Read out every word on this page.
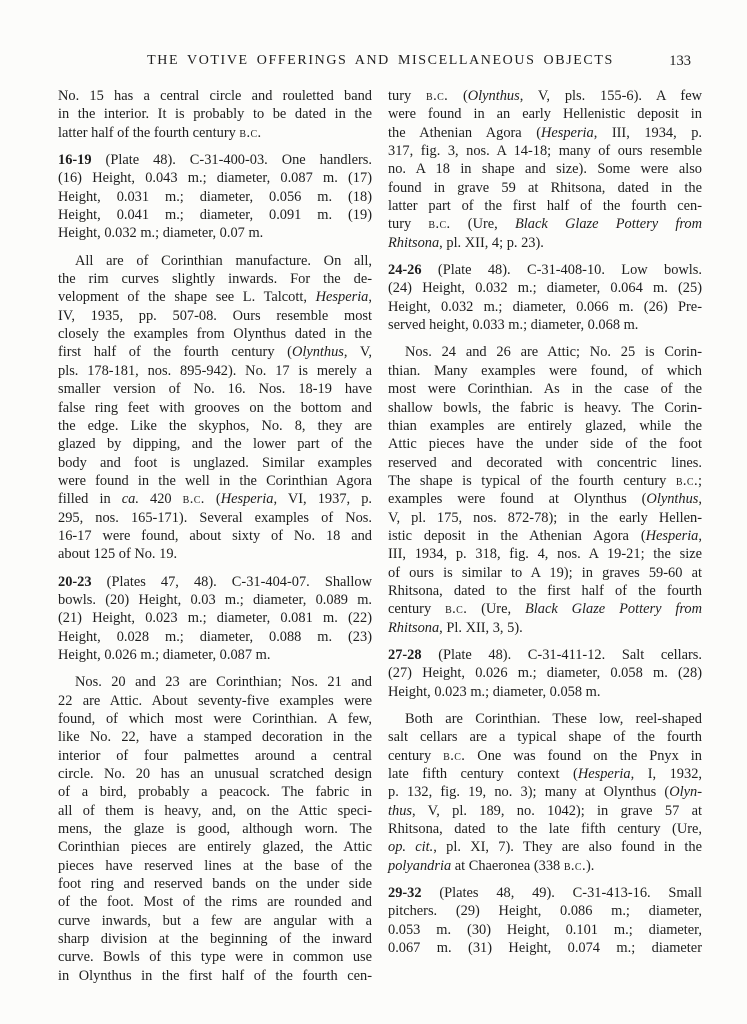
THE VOTIVE OFFERINGS AND MISCELLANEOUS OBJECTS	133
No. 15 has a central circle and rouletted band
in the interior. It is probably to be dated in the
latter half of the fourth century b.c.
16-19 (Plate 48). C-31-400-03. One handlers.
(16) Height, 0.043 m.; diameter, 0.087 m. (17)
Height, 0.031 m.; diameter, 0.056 m. (18)
Height, 0.041 m.; diameter, 0.091 m. (19)
Height, 0.032 m.; diameter, 0.07 m.
All are of Corinthian manufacture. On all,
the rim curves slightly inwards. For the de-
velopment of the shape see L. Talcott, Hesperia,
IV, 1935, pp. 507-08. Ours resemble most
closely the examples from Olynthus dated in the
first half of the fourth century (Olynthus, V,
pls. 178-181, nos. 895-942). No. 17 is merely a
smaller version of No. 16. Nos. 18-19 have
false ring feet with grooves on the bottom and
the edge. Like the skyphos, No. 8, they are
glazed by dipping, and the lower part of the
body and foot is unglazed. Similar examples
were found in the well in the Corinthian Agora
filled in ca. 420 b.c. (Hesperia, VI, 1937, p.
295, nos. 165-171). Several examples of Nos.
16-17 were found, about sixty of No. 18 and
about 125 of No. 19.
20-23 (Plates 47, 48). C-31-404-07. Shallow
bowls. (20) Height, 0.03 m.; diameter, 0.089 m.
(21) Height, 0.023 m.; diameter, 0.081 m. (22)
Height, 0.028 m.; diameter, 0.088 m. (23)
Height, 0.026 m.; diameter, 0.087 m.
Nos. 20 and 23 are Corinthian; Nos. 21 and
22 are Attic. About seventy-five examples were
found, of which most were Corinthian. A few,
like No. 22, have a stamped decoration in the
interior of four palmettes around a central
circle. No. 20 has an unusual scratched design
of a bird, probably a peacock. The fabric in
all of them is heavy, and, on the Attic speci-
mens, the glaze is good, although worn. The
Corinthian pieces are entirely glazed, the Attic
pieces have reserved lines at the base of the
foot ring and reserved bands on the under side
of the foot. Most of the rims are rounded and
curve inwards, but a few are angular with a
sharp division at the beginning of the inward
curve. Bowls of this type were in common use
in Olynthus in the first half of the fourth cen-
tury b.c. (Olynthus, V, pls. 155-6). A few
were found in an early Hellenistic deposit in
the Athenian Agora (Hesperia, III, 1934, p.
317, fig. 3, nos. A 14-18; many of ours resemble
no. A 18 in shape and size). Some were also
found in grave 59 at Rhitsona, dated in the
latter part of the first half of the fourth cen-
tury b.c. (Ure, Black Glaze Pottery from
Rhitsona, pl. XII, 4; p. 23).
24-26 (Plate 48). C-31-408-10. Low bowls.
(24) Height, 0.032 m.; diameter, 0.064 m. (25)
Height, 0.032 m.; diameter, 0.066 m. (26) Pre-
served height, 0.033 m.; diameter, 0.068 m.
Nos. 24 and 26 are Attic; No. 25 is Corin-
thian. Many examples were found, of which
most were Corinthian. As in the case of the
shallow bowls, the fabric is heavy. The Corin-
thian examples are entirely glazed, while the
Attic pieces have the under side of the foot
reserved and decorated with concentric lines.
The shape is typical of the fourth century b.c.;
examples were found at Olynthus (Olynthus,
V, pl. 175, nos. 872-78); in the early Hellen-
istic deposit in the Athenian Agora (Hesperia,
III, 1934, p. 318, fig. 4, nos. A 19-21; the size
of ours is similar to A 19); in graves 59-60 at
Rhitsona, dated to the first half of the fourth
century b.c. (Ure, Black Glaze Pottery from
Rhitsona, Pl. XII, 3, 5).
27-28 (Plate 48). C-31-411-12. Salt cellars.
(27) Height, 0.026 m.; diameter, 0.058 m. (28)
Height, 0.023 m.; diameter, 0.058 m.
Both are Corinthian. These low, reel-shaped
salt cellars are a typical shape of the fourth
century b.c. One was found on the Pnyx in
late fifth century context (Hesperia, I, 1932,
p. 132, fig. 19, no. 3); many at Olynthus (Olyn-
thus, V, pl. 189, no. 1042); in grave 57 at
Rhitsona, dated to the late fifth century (Ure,
op. cit., pl. XI, 7). They are also found in the
polyandria at Chaeronea (338 b.c.).
29-32 (Plates 48, 49). C-31-413-16. Small
pitchers. (29) Height, 0.086 m.; diameter,
0.053 m. (30) Height, 0.101 m.; diameter,
0.067 m. (31) Height, 0.074 m.; diameter
